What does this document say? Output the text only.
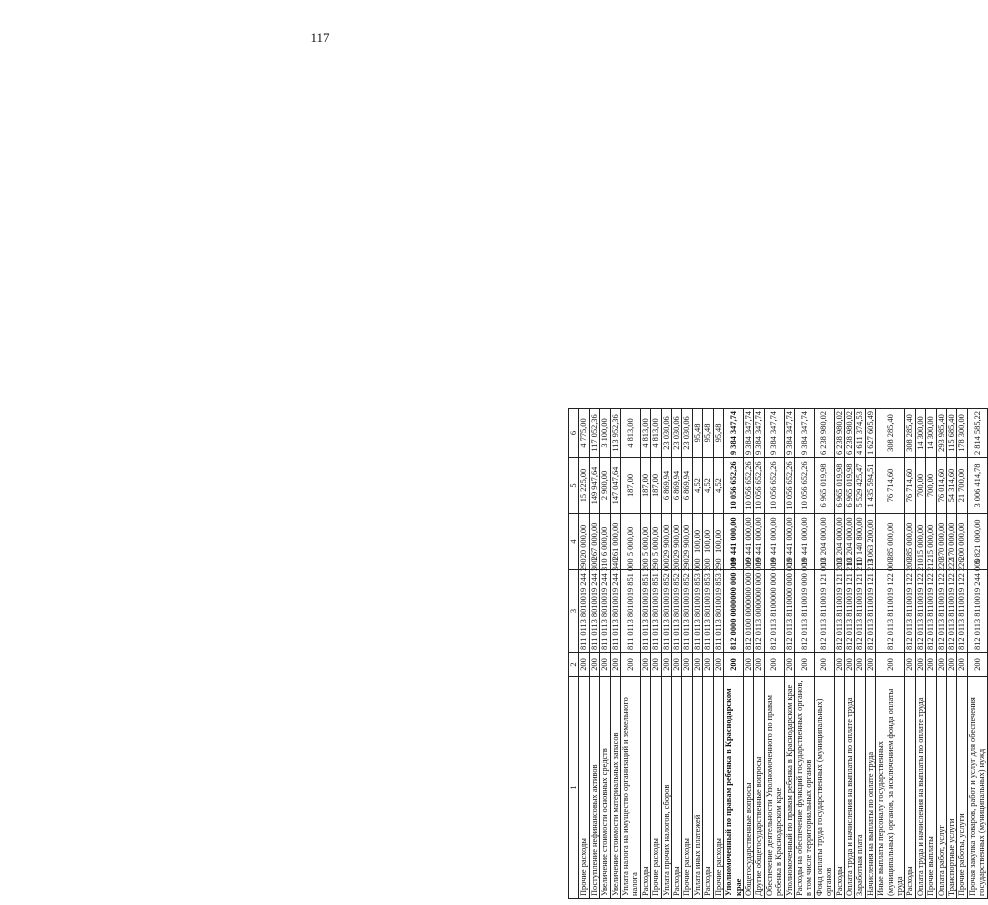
117
1	2	3	4	5	6
Прочие расходы	200	811 0113 8010019 244 290	20 000,00	15 225,00	4 775,00
Поступление нефинансовых активов	200	811 0113 8010019 244 300	267 000,00	149 947,64	117 052,36
Увеличение стоимости основных средств	200	811 0113 8010019 244 310	6 000,00	2 900,00	3 100,00
Увеличение стоимости материальных запасов	200	811 0113 8010019 244 340	261 000,00	147 047,64	113 952,36
Уплата налога на имущество организаций и земельного налога	200	811 0113 8010019 851 000	5 000,00	187,00	4 813,00
Расходы	200	811 0113 8010019 851 200	5 000,00	187,00	4 813,00
Прочие расходы	200	811 0113 8010019 851 290	5 000,00	187,00	4 813,00
Уплата прочих налогов, сборов	200	811 0113 8010019 852 000	29 900,00	6 869,94	23 030,06
Расходы	200	811 0113 8010019 852 200	29 900,00	6 869,94	23 030,06
Прочие расходы	200	811 0113 8010019 852 290	29 900,00	6 869,94	23 030,06
Уплата иных платежей	200	811 0113 8010019 853 000	100,00	4,52	95,48
Расходы	200	811 0113 8010019 853 200	100,00	4,52	95,48
Прочие расходы	200	811 0113 8010019 853 290	100,00	4,52	95,48
Уполномоченный по правам ребенка в Краснодарском крае	200	812 0000 0000000 000 000	19 441 000,00	10 056 652,26	9 384 347,74
Общегосударственные вопросы	200	812 0100 0000000 000 000	19 441 000,00	10 056 652,26	9 384 347,74
Другие общегосударственные вопросы	200	812 0113 0000000 000 000	19 441 000,00	10 056 652,26	9 384 347,74
Обеспечение деятельности Уполномоченного по правам ребенка в Краснодарском крае	200	812 0113 8100000 000 000	19 441 000,00	10 056 652,26	9 384 347,74
Уполномоченный по правам ребенка в Краснодарском крае	200	812 0113 8110000 000 000	19 441 000,00	10 056 652,26	9 384 347,74
Расходы на обеспечение функций государственных органов, в том числе территориальных органов	200	812 0113 8110019 000 000	19 441 000,00	10 056 652,26	9 384 347,74
Фонд оплаты труда государственных (муниципальных) органов	200	812 0113 8110019 121 000	13 204 000,00	6 965 019,98	6 238 980,02
Расходы	200	812 0113 8110019 121 200	13 204 000,00	6 965 019,98	6 238 980,02
Оплата труда и начисления на выплаты по оплате труда	200	812 0113 8110019 121 210	13 204 000,00	6 965 019,98	6 238 980,02
Заработная плата	200	812 0113 8110019 121 211	10 140 800,00	5 529 425,47	4 611 374,53
Начисления на выплаты по оплате труда	200	812 0113 8110019 121 213	3 063 200,00	1 435 594,51	1 627 605,49
Иные выплаты персоналу государственных (муниципальных) органов, за исключением фонда оплаты труда	200	812 0113 8110019 122 000	385 000,00	76 714,60	308 285,40
Расходы	200	812 0113 8110019 122 200	385 000,00	76 714,60	308 285,40
Оплата труда и начисления на выплаты по оплате труда	200	812 0113 8110019 122 210	15 000,00	700,00	14 300,00
Прочие выплаты	200	812 0113 8110019 122 212	15 000,00	700,00	14 300,00
Оплата работ, услуг	200	812 0113 8110019 122 220	370 000,00	76 014,60	293 985,40
Транспортные услуги	200	812 0113 8110019 122 222	170 000,00	54 314,60	115 685,40
Прочие работы, услуги	200	812 0113 8110019 122 226	200 000,00	21 700,00	178 300,00
Прочая закупка товаров, работ и услуг для обеспечения государственных (муниципальных) нужд	200	812 0113 8110019 244 000	5 821 000,00	3 006 414,78	2 814 585,22
